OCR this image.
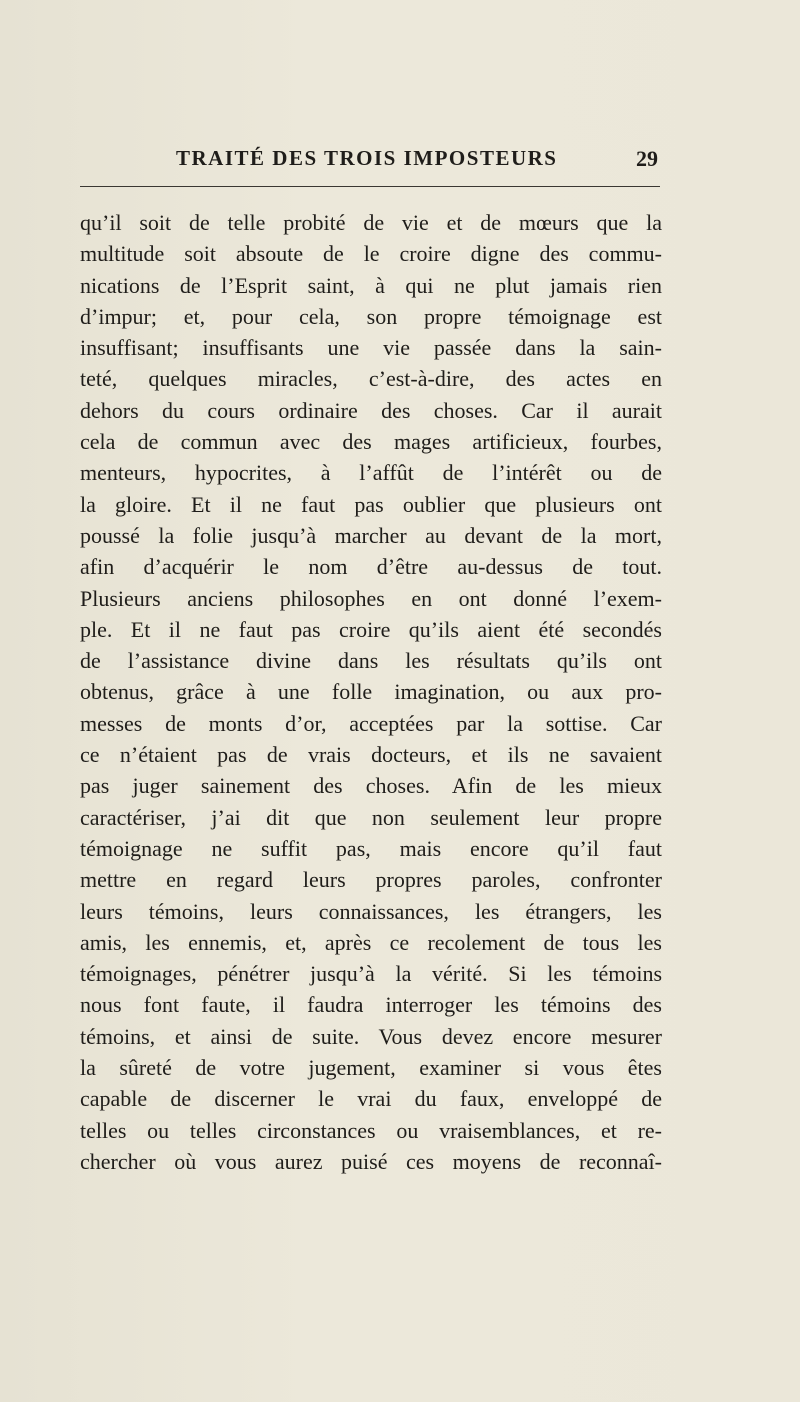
TRAITÉ DES TROIS IMPOSTEURS	29
qu’il soit de telle probité de vie et de mœurs que la
multitude soit absoute de le croire digne des commu-
nications de l’Esprit saint, à qui ne plut jamais rien
d’impur; et, pour cela, son propre témoignage est
insuffisant; insuffisants une vie passée dans la sain-
teté, quelques miracles, c’est-à-dire, des actes en
dehors du cours ordinaire des choses. Car il aurait
cela de commun avec des mages artificieux, fourbes,
menteurs, hypocrites, à l’affût de l’intérêt ou de
la gloire. Et il ne faut pas oublier que plusieurs ont
poussé la folie jusqu’à marcher au devant de la mort,
afin d’acquérir le nom d’être au-dessus de tout.
Plusieurs anciens philosophes en ont donné l’exem-
ple. Et il ne faut pas croire qu’ils aient été secondés
de l’assistance divine dans les résultats qu’ils ont
obtenus, grâce à une folle imagination, ou aux pro-
messes de monts d’or, acceptées par la sottise. Car
ce n’étaient pas de vrais docteurs, et ils ne savaient
pas juger sainement des choses. Afin de les mieux
caractériser, j’ai dit que non seulement leur propre
témoignage ne suffit pas, mais encore qu’il faut
mettre en regard leurs propres paroles, confronter
leurs témoins, leurs connaissances, les étrangers, les
amis, les ennemis, et, après ce recolement de tous les
témoignages, pénétrer jusqu’à la vérité. Si les témoins
nous font faute, il faudra interroger les témoins des
témoins, et ainsi de suite. Vous devez encore mesurer
la sûreté de votre jugement, examiner si vous êtes
capable de discerner le vrai du faux, enveloppé de
telles ou telles circonstances ou vraisemblances, et re-
chercher où vous aurez puisé ces moyens de reconnaî-
